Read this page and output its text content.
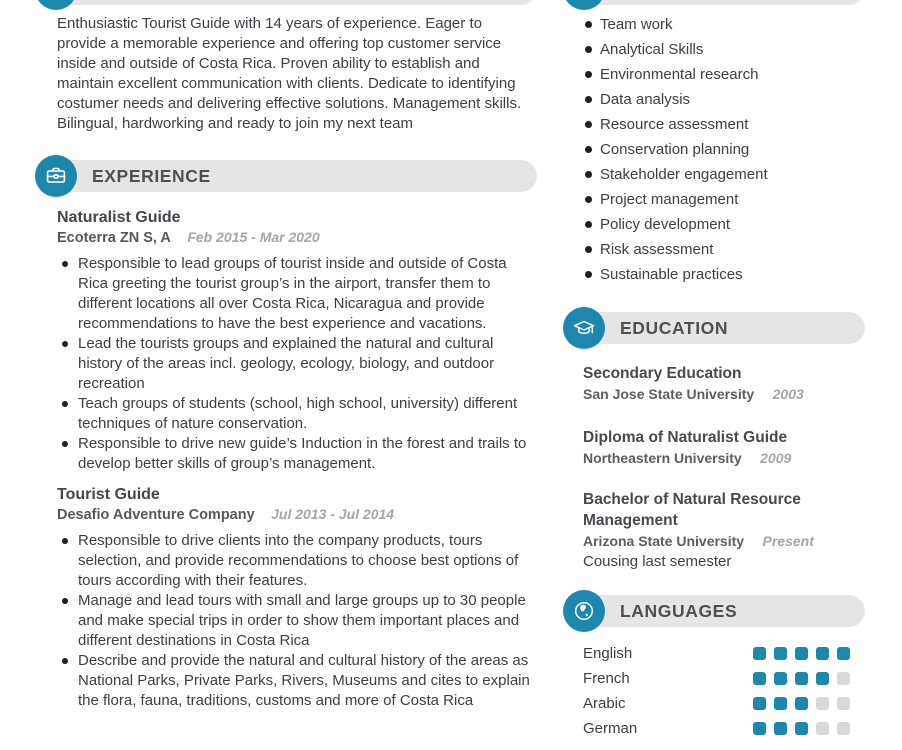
Enthusiastic Tourist Guide with 14 years of experience. Eager to provide a memorable experience and offering top customer service inside and outside of Costa Rica. Proven ability to establish and maintain excellent communication with clients. Dedicate to identifying costumer needs and delivering effective solutions. Management skills. Bilingual, hardworking and ready to join my next team

EXPERIENCE
Naturalist Guide
Ecoterra ZN S, A Feb 2015 - Mar 2020
Responsible to lead groups of tourist inside and outside of Costa Rica greeting the tourist group’s in the airport, transfer them to different locations all over Costa Rica, Nicaragua and provide recommendations to have the best experience and vacations.
Lead the tourists groups and explained the natural and cultural history of the areas incl. geology, ecology, biology, and outdoor recreation
Teach groups of students (school, high school, university) different techniques of nature conservation.
Responsible to drive new guide’s Induction in the forest and trails to develop better skills of group’s management.
Tourist Guide
Desafio Adventure Company Jul 2013 - Jul 2014
Responsible to drive clients into the company products, tours selection, and provide recommendations to choose best options of tours according with their features.
Manage and lead tours with small and large groups up to 30 people and make special trips in order to show them important places and different destinations in Costa Rica
Describe and provide the natural and cultural history of the areas as National Parks, Private Parks, Rivers, Museums and cites to explain the flora, fauna, traditions, customs and more of Costa Rica
Team work
Analytical Skills
Environmental research
Data analysis
Resource assessment
Conservation planning
Stakeholder engagement
Project management
Policy development
Risk assessment
Sustainable practices
EDUCATION
Secondary Education
San Jose State University 2003
Diploma of Naturalist Guide
Northeastern University 2009
Bachelor of Natural Resource Management
Arizona State University Present
Cousing last semester
LANGUAGES
English
French
Arabic
German
